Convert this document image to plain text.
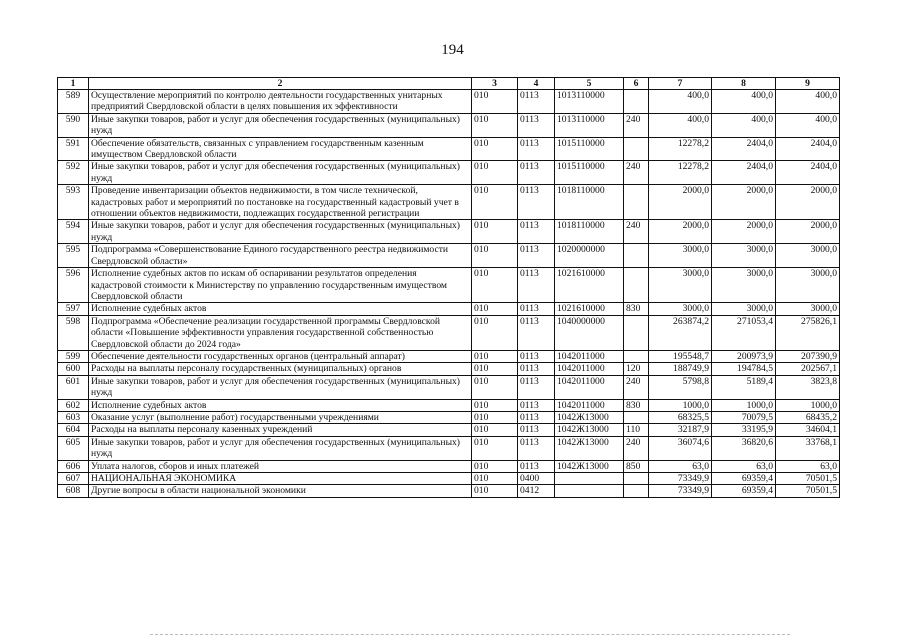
194
1	2	3	4	5	6	7	8	9
589	Осуществление мероприятий по контролю деятельности государственных унитарных предприятий Свердловской области в целях повышения их эффективности	010	0113	1013110000		400,0	400,0	400,0
590	Иные закупки товаров, работ и услуг для обеспечения государственных (муниципальных) нужд	010	0113	1013110000	240	400,0	400,0	400,0
591	Обеспечение обязательств, связанных с управлением государственным казенным имуществом Свердловской области	010	0113	1015110000		12278,2	2404,0	2404,0
592	Иные закупки товаров, работ и услуг для обеспечения государственных (муниципальных) нужд	010	0113	1015110000	240	12278,2	2404,0	2404,0
593	Проведение инвентаризации объектов недвижимости, в том числе технической, кадастровых работ и мероприятий по постановке на государственный кадастровый учет в отношении объектов недвижимости, подлежащих государственной регистрации	010	0113	1018110000		2000,0	2000,0	2000,0
594	Иные закупки товаров, работ и услуг для обеспечения государственных (муниципальных) нужд	010	0113	1018110000	240	2000,0	2000,0	2000,0
595	Подпрограмма «Совершенствование Единого государственного реестра недвижимости Свердловской области»	010	0113	1020000000		3000,0	3000,0	3000,0
596	Исполнение судебных актов по искам об оспаривании результатов определения кадастровой стоимости к Министерству по управлению государственным имуществом Свердловской области	010	0113	1021610000		3000,0	3000,0	3000,0
597	Исполнение судебных актов	010	0113	1021610000	830	3000,0	3000,0	3000,0
598	Подпрограмма «Обеспечение реализации государственной программы Свердловской области «Повышение эффективности управления государственной собственностью Свердловской области до 2024 года»	010	0113	1040000000		263874,2	271053,4	275826,1
599	Обеспечение деятельности государственных органов (центральный аппарат)	010	0113	1042011000		195548,7	200973,9	207390,9
600	Расходы на выплаты персоналу государственных (муниципальных) органов	010	0113	1042011000	120	188749,9	194784,5	202567,1
601	Иные закупки товаров, работ и услуг для обеспечения государственных (муниципальных) нужд	010	0113	1042011000	240	5798,8	5189,4	3823,8
602	Исполнение судебных актов	010	0113	1042011000	830	1000,0	1000,0	1000,0
603	Оказание услуг (выполнение работ) государственными учреждениями	010	0113	1042Ж13000		68325,5	70079,5	68435,2
604	Расходы на выплаты персоналу казенных учреждений	010	0113	1042Ж13000	110	32187,9	33195,9	34604,1
605	Иные закупки товаров, работ и услуг для обеспечения государственных (муниципальных) нужд	010	0113	1042Ж13000	240	36074,6	36820,6	33768,1
606	Уплата налогов, сборов и иных платежей	010	0113	1042Ж13000	850	63,0	63,0	63,0
607	НАЦИОНАЛЬНАЯ ЭКОНОМИКА	010	0400			73349,9	69359,4	70501,5
608	Другие вопросы в области национальной экономики	010	0412			73349,9	69359,4	70501,5
